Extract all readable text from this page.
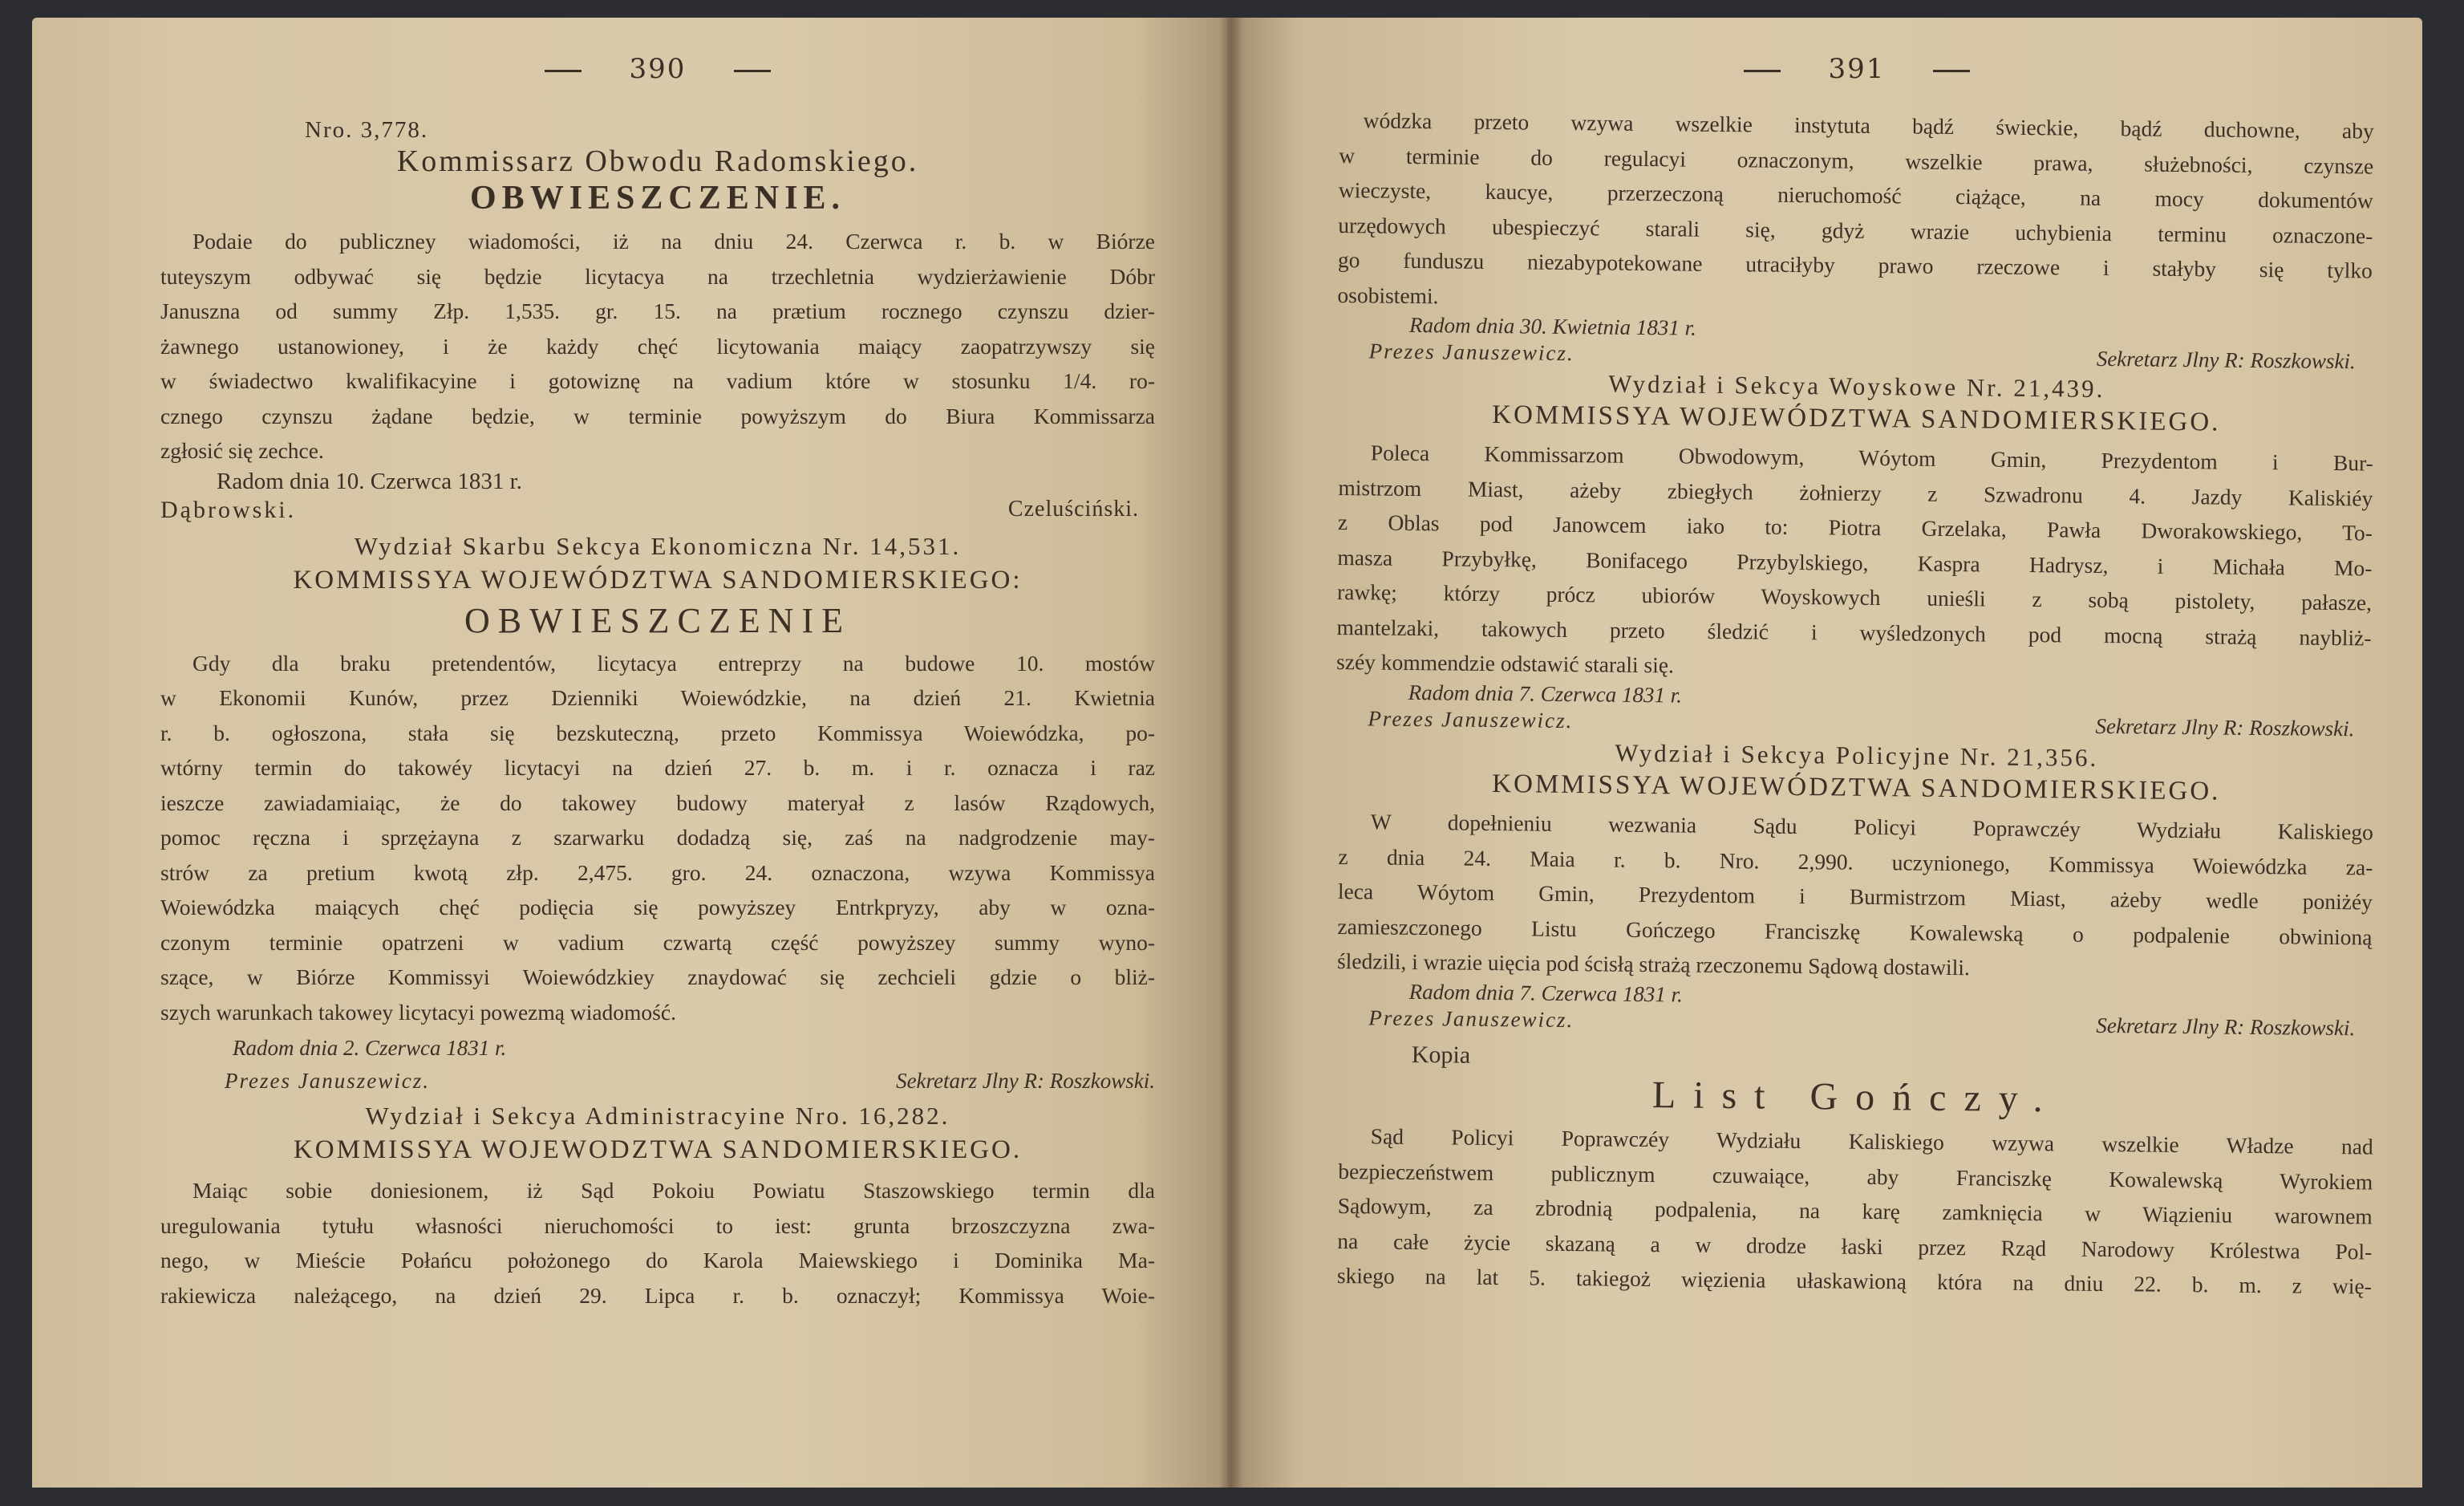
390
Nro. 3,778.
Kommissarz Obwodu Radomskiego.
OBWIESZCZENIE.
Podaie do publiczney wiadomości, iż na dniu 24. Czerwca r. b. w Biórze
tuteyszym odbywać się będzie licytacya na trzechletnia wydzierżawienie Dóbr
Januszna od summy Złp. 1,535. gr. 15. na prætium rocznego czynszu dzier-
żawnego ustanowioney, i że każdy chęć licytowania maiący zaopatrzywszy się
w świadectwo kwalifikacyine i gotowiznę na vadium które w stosunku 1/4. ro-
cznego czynszu żądane będzie, w terminie powyższym do Biura Kommissarza
zgłosić się zechce.
Radom dnia 10. Czerwca 1831 r.
Dąbrowski.	Czeluściński.
Wydział Skarbu Sekcya Ekonomiczna Nr. 14,531.
KOMMISSYA WOJEWÓDZTWA SANDOMIERSKIEGO:
OBWIESZCZENIE
Gdy dla braku pretendentów, licytacya entreprzy na budowe 10. mostów
w Ekonomii Kunów, przez Dzienniki Woiewódzkie, na dzień 21. Kwietnia
r. b. ogłoszona, stała się bezskuteczną, przeto Kommissya Woiewódzka, po-
wtórny termin do takowéy licytacyi na dzień 27. b. m. i r. oznacza i raz
ieszcze zawiadamiaiąc, że do takowey budowy materyał z lasów Rządowych,
pomoc ręczna i sprzężayna z szarwarku dodadzą się, zaś na nadgrodzenie may-
strów za pretium kwotą złp. 2,475. gro. 24. oznaczona, wzywa Kommissya
Woiewódzka maiących chęć podięcia się powyższey Entrkpryzy, aby w ozna-
czonym terminie opatrzeni w vadium czwartą część powyższey summy wyno-
szące, w Biórze Kommissyi Woiewódzkiey znaydować się zechcieli gdzie o bliż-
szych warunkach takowey licytacyi powezmą wiadomość.
Radom dnia 2. Czerwca 1831 r.
Prezes Januszewicz.	Sekretarz Jlny R: Roszkowski.
Wydział i Sekcya Administracyine Nro. 16,282.
KOMMISSYA WOJEWODZTWA SANDOMIERSKIEGO.
Maiąc sobie doniesionem, iż Sąd Pokoiu Powiatu Staszowskiego termin dla
uregulowania tytułu własności nieruchomości to iest: grunta brzoszczyzna zwa-
nego, w Mieście Połańcu położonego do Karola Maiewskiego i Dominika Ma-
rakiewicza należącego, na dzień 29. Lipca r. b. oznaczył; Kommissya Woie-
391
wódzka przeto wzywa wszelkie instytuta bądź świeckie, bądź duchowne, aby
w terminie do regulacyi oznaczonym, wszelkie prawa, służebności, czynsze
wieczyste, kaucye, przerzeczoną nieruchomość ciążące, na mocy dokumentów
urzędowych ubespieczyć starali się, gdyż wrazie uchybienia terminu oznaczone-
go funduszu niezabypotekowane utraciłyby prawo rzeczowe i stałyby się tylko
osobistemi.
Radom dnia 30. Kwietnia 1831 r.
Prezes Januszewicz.	Sekretarz Jlny R: Roszkowski.
Wydział i Sekcya Woyskowe Nr. 21,439.
KOMMISSYA WOJEWÓDZTWA SANDOMIERSKIEGO.
Poleca Kommissarzom Obwodowym, Wóytom Gmin, Prezydentom i Bur-
mistrzom Miast, ażeby zbiegłych żołnierzy z Szwadronu 4. Jazdy Kaliskiéy
z Oblas pod Janowcem iako to: Piotra Grzelaka, Pawła Dworakowskiego, To-
masza Przybyłkę, Bonifacego Przybylskiego, Kaspra Hadrysz, i Michała Mo-
rawkę; którzy prócz ubiorów Woyskowych unieśli z sobą pistolety, pałasze,
mantelzaki, takowych przeto śledzić i wyśledzonych pod mocną strażą naybliż-
széy kommendzie odstawić starali się.
Radom dnia 7. Czerwca 1831 r.
Prezes Januszewicz.	Sekretarz Jlny R: Roszkowski.
Wydział i Sekcya Policyjne Nr. 21,356.
KOMMISSYA WOJEWÓDZTWA SANDOMIERSKIEGO.
W dopełnieniu wezwania Sądu Policyi Poprawczéy Wydziału Kaliskiego
z dnia 24. Maia r. b. Nro. 2,990. uczynionego, Kommissya Woiewódzka za-
leca Wóytom Gmin, Prezydentom i Burmistrzom Miast, ażeby wedle poniżéy
zamieszczonego Listu Gończego Franciszkę Kowalewską o podpalenie obwinioną
śledzili, i wrazie uięcia pod ścisłą strażą rzeczonemu Sądową dostawili.
Radom dnia 7. Czerwca 1831 r.
Prezes Januszewicz.	Sekretarz Jlny R: Roszkowski.
Kopia
List Gończy.
Sąd Policyi Poprawczéy Wydziału Kaliskiego wzywa wszelkie Władze nad
bezpieczeństwem publicznym czuwaiące, aby Franciszkę Kowalewską Wyrokiem
Sądowym, za zbrodnią podpalenia, na karę zamknięcia w Wiązieniu warownem
na całe życie skazaną a w drodze łaski przez Rząd Narodowy Królestwa Pol-
skiego na lat 5. takiegoż więzienia ułaskawioną która na dniu 22. b. m. z wię-
